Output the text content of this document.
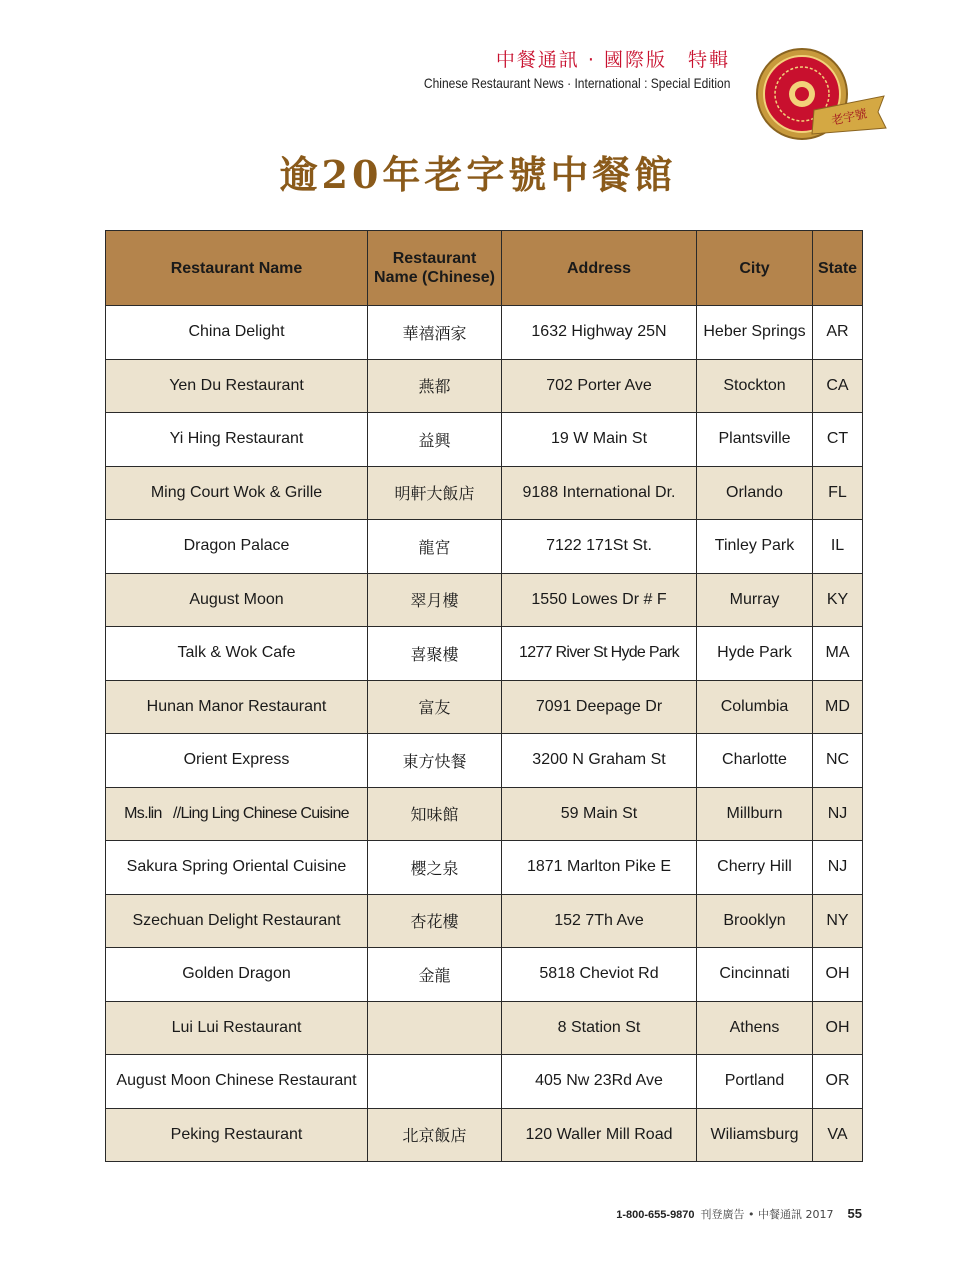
中餐通訊 · 國際版　特輯
Chinese Restaurant News · International : Special Edition
老字號
逾20年老字號中餐館
Restaurant Name	Restaurant Name (Chinese)	Address	City	State
China Delight	華禧酒家	1632 Highway 25N	Heber Springs	AR
Yen Du Restaurant	燕都	702 Porter Ave	Stockton	CA
Yi Hing Restaurant	益興	19 W Main St	Plantsville	CT
Ming Court Wok & Grille	明軒大飯店	9188 International Dr.	Orlando	FL
Dragon Palace	龍宮	7122 171St St.	Tinley Park	IL
August Moon	翠月樓	1550 Lowes Dr # F	Murray	KY
Talk & Wok Cafe	喜聚樓	1277 River St Hyde Park	Hyde Park	MA
Hunan Manor Restaurant	富友	7091 Deepage Dr	Columbia	MD
Orient Express	東方快餐	3200 N Graham St	Charlotte	NC
Ms.lin   //Ling Ling Chinese Cuisine	知味館	59 Main St	Millburn	NJ
Sakura Spring Oriental Cuisine	櫻之泉	1871 Marlton Pike E	Cherry Hill	NJ
Szechuan Delight Restaurant	杏花樓	152 7Th Ave	Brooklyn	NY
Golden Dragon	金龍	5818 Cheviot Rd	Cincinnati	OH
Lui Lui Restaurant		8 Station St	Athens	OH
August Moon Chinese Restaurant		405 Nw 23Rd Ave	Portland	OR
Peking Restaurant	北京飯店	120 Waller Mill Road	Wiliamsburg	VA
1-800-655-9870 刊登廣告 • 中餐通訊 2017 55
